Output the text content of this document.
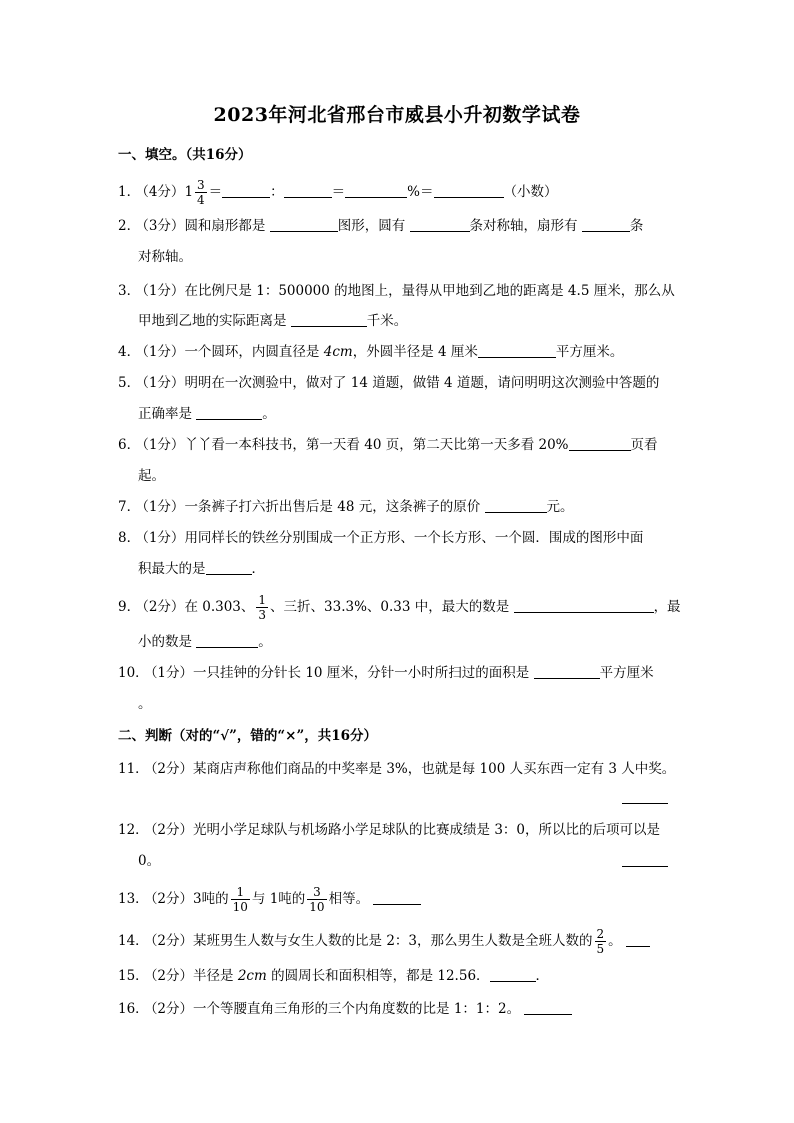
2023年河北省邢台市威县小升初数学试卷
一、填空。（共16分）
1． （4分）$1 \frac{3}{4}$ ＝	：	＝	%＝	（小数）
2． （3分）圆和扇形都是	图形，圆有	条对称轴，扇形有	条
对称轴。
3． （1分）在比例尺是 1：500000 的地图上，量得从甲地到乙地的距离是 4.5 厘米，那么从
甲地到乙地的实际距离是	千米。
4． （1分）一个圆环，内圆直径是 4cm，外圆半径是 4 厘米	平方厘米。
5． （1分）明明在一次测验中，做对了 14 道题，做错 4 道题，请问明明这次测验中答题的
正确率是	。
6． （1分）丫丫看一本科技书，第一天看 40 页，第二天比第一天多看 20%	页看
起。
7． （1分）一条裤子打六折出售后是 48 元，这条裤子的原价	元。
8． （1分）用同样长的铁丝分别围成一个正方形、一个长方形、一个圆．围成的图形中面
积最大的是	．
9． （2分）在 0.303、 $\frac{1}{3}$ 、三折、33.3%、0.33 中，最大的数是	，最
小的数是	。
10． （1分）一只挂钟的分针长 10 厘米，分针一小时所扫过的面积是	平方厘米
。
二、判断（对的“√”，错的“×”，共16分）
11． （2分）某商店声称他们商品的中奖率是 3%，也就是每 100 人买东西一定有 3 人中奖。
12． （2分）光明小学足球队与机场路小学足球队的比赛成绩是 3：0，所以比的后项可以是
0。
13． （2分）3吨的 $\frac{1}{10}$ 与 1吨的 $\frac{3}{10}$ 相等。
14． （2分）某班男生人数与女生人数的比是 2：3，那么男生人数是全班人数的 $\frac{2}{5}$ 。
15． （2分）半径是 2cm 的圆周长和面积相等，都是 12.56．	．
16． （2分）一个等腰直角三角形的三个内角度数的比是 1：1：2。
